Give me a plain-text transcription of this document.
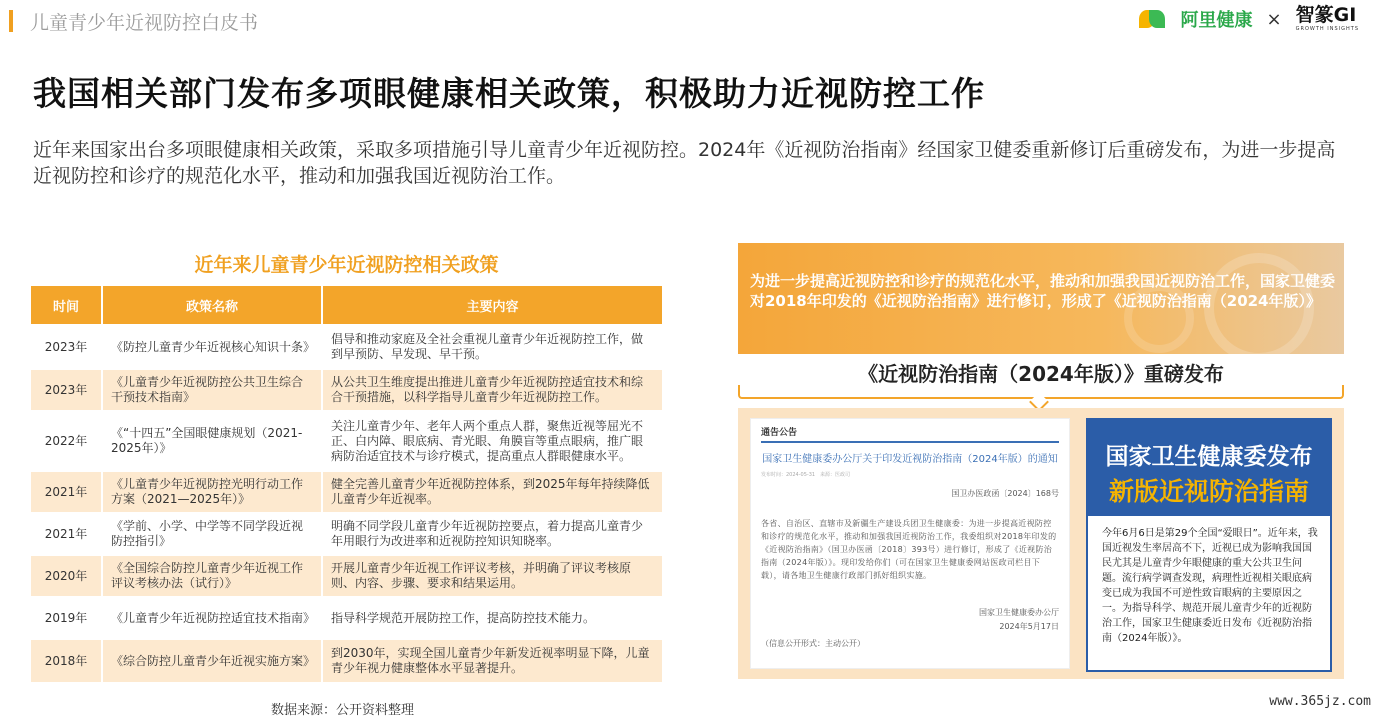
儿童青少年近视防控白皮书	阿里健康 × 智篆GI
GROWTH INSIGHTS
我国相关部门发布多项眼健康相关政策，积极助力近视防控工作

近年来国家出台多项眼健康相关政策，采取多项措施引导儿童青少年近视防控。2024年《近视防治指南》经国家卫健委重新修订后重磅发布，为进一步提高近视防控和诊疗的规范化水平，推动和加强我国近视防治工作。

近年来儿童青少年近视防控相关政策
时间	政策名称	主要内容
2023年	《防控儿童青少年近视核心知识十条》	倡导和推动家庭及全社会重视儿童青少年近视防控工作，做到早预防、早发现、早干预。
2023年	《儿童青少年近视防控公共卫生综合干预技术指南》	从公共卫生维度提出推进儿童青少年近视防控适宜技术和综合干预措施，以科学指导儿童青少年近视防控工作。
2022年	《“十四五”全国眼健康规划（2021-2025年）》	关注儿童青少年、老年人两个重点人群，聚焦近视等屈光不正、白内障、眼底病、青光眼、角膜盲等重点眼病，推广眼病防治适宜技术与诊疗模式，提高重点人群眼健康水平。
2021年	《儿童青少年近视防控光明行动工作方案（2021—2025年）》	健全完善儿童青少年近视防控体系，到2025年每年持续降低儿童青少年近视率。
2021年	《学前、小学、中学等不同学段近视防控指引》	明确不同学段儿童青少年近视防控要点，着力提高儿童青少年用眼行为改进率和近视防控知识知晓率。
2020年	《全国综合防控儿童青少年近视工作评议考核办法（试行）》	开展儿童青少年近视工作评议考核，并明确了评议考核原则、内容、步骤、要求和结果运用。
2019年	《儿童青少年近视防控适宜技术指南》	指导科学规范开展防控工作，提高防控技术能力。
2018年	《综合防控儿童青少年近视实施方案》	到2030年，实现全国儿童青少年新发近视率明显下降，儿童青少年视力健康整体水平显著提升。
数据来源：公开资料整理
为进一步提高近视防控和诊疗的规范化水平，推动和加强我国近视防治工作，国家卫健委对2018年印发的《近视防治指南》进行修订，形成了《近视防治指南（2024年版）》
《近视防治指南（2024年版）》重磅发布
通告公告
国家卫生健康委办公厅关于印发近视防治指南（2024年版）的通知
发布时间：2024-05-31　来源：医政司
国卫办医政函〔2024〕168号
各省、自治区、直辖市及新疆生产建设兵团卫生健康委：为进一步提高近视防控和诊疗的规范化水平，推动和加强我国近视防治工作，我委组织对2018年印发的《近视防治指南》（国卫办医函〔2018〕393号）进行修订，形成了《近视防治指南（2024年版）》。现印发给你们（可在国家卫生健康委网站医政司栏目下载），请各地卫生健康行政部门抓好组织实施。
国家卫生健康委办公厅
2024年5月17日
（信息公开形式：主动公开）
国家卫生健康委发布
新版近视防治指南
今年6月6日是第29个全国“爱眼日”。近年来，我国近视发生率居高不下，近视已成为影响我国国民尤其是儿童青少年眼健康的重大公共卫生问题。流行病学调查发现，病理性近视相关眼底病变已成为我国不可逆性致盲眼病的主要原因之一。为指导科学、规范开展儿童青少年的近视防治工作，国家卫生健康委近日发布《近视防治指南（2024年版）》。
www.365jz.com
